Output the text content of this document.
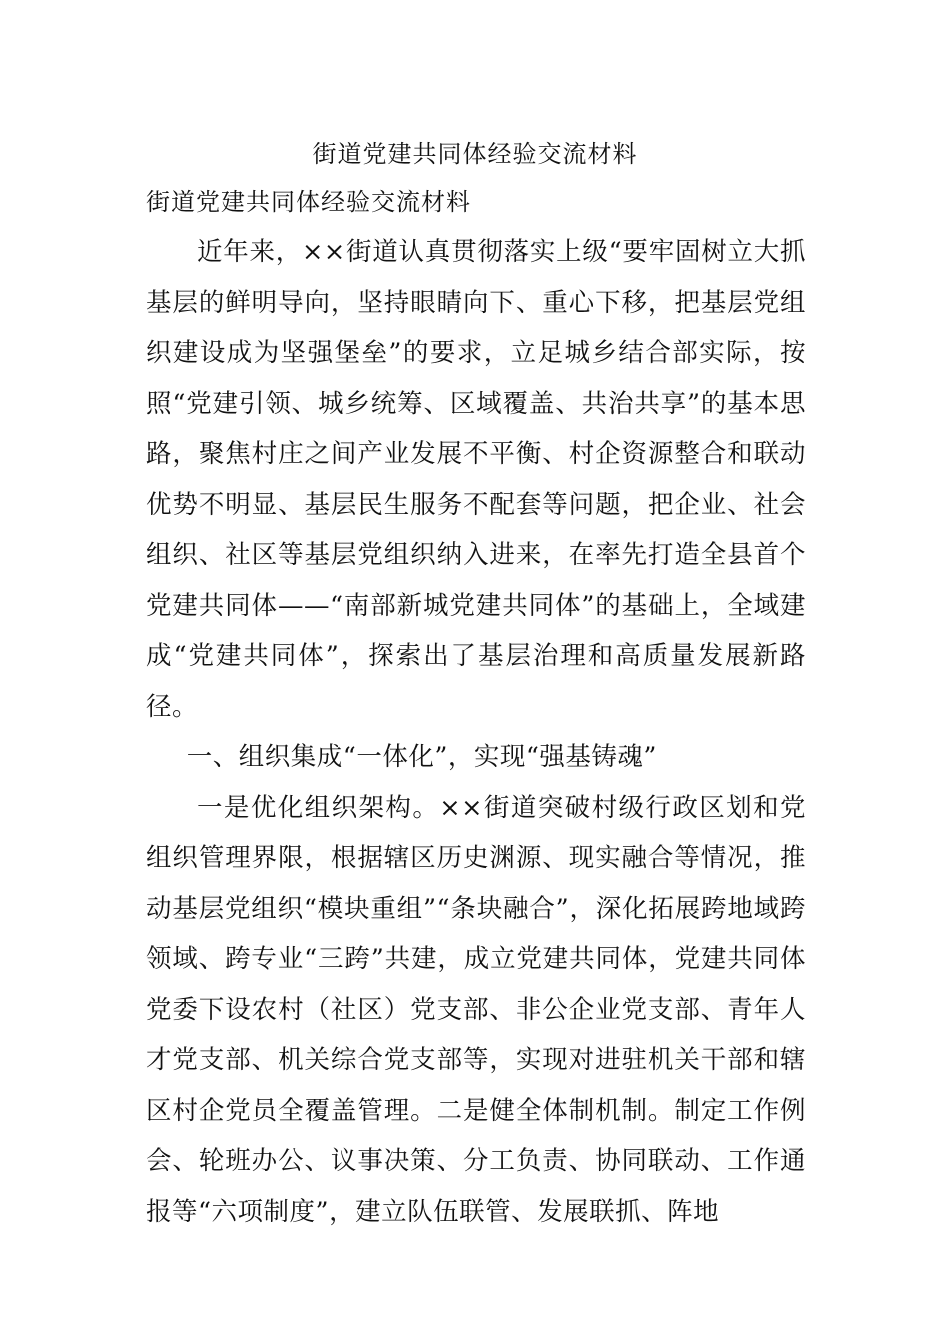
街道党建共同体经验交流材料
街道党建共同体经验交流材料

近年来，××街道认真贯彻落实上级“要牢固树立大抓基层的鲜明导向，坚持眼睛向下、重心下移，把基层党组织建设成为坚强堡垒”的要求，立足城乡结合部实际，按照“党建引领、城乡统筹、区域覆盖、共治共享”的基本思路，聚焦村庄之间产业发展不平衡、村企资源整合和联动优势不明显、基层民生服务不配套等问题，把企业、社会组织、社区等基层党组织纳入进来，在率先打造全县首个党建共同体——“南部新城党建共同体”的基础上，全域建成“党建共同体”，探索出了基层治理和高质量发展新路径。

一、组织集成“一体化”，实现“强基铸魂”

一是优化组织架构。××街道突破村级行政区划和党组织管理界限，根据辖区历史渊源、现实融合等情况，推动基层党组织“模块重组”“条块融合”，深化拓展跨地域跨领域、跨专业“三跨”共建，成立党建共同体，党建共同体党委下设农村（社区）党支部、非公企业党支部、青年人才党支部、机关综合党支部等，实现对进驻机关干部和辖区村企党员全覆盖管理。二是健全体制机制。制定工作例会、轮班办公、议事决策、分工负责、协同联动、工作通报等“六项制度”，建立队伍联管、发展联抓、阵地
